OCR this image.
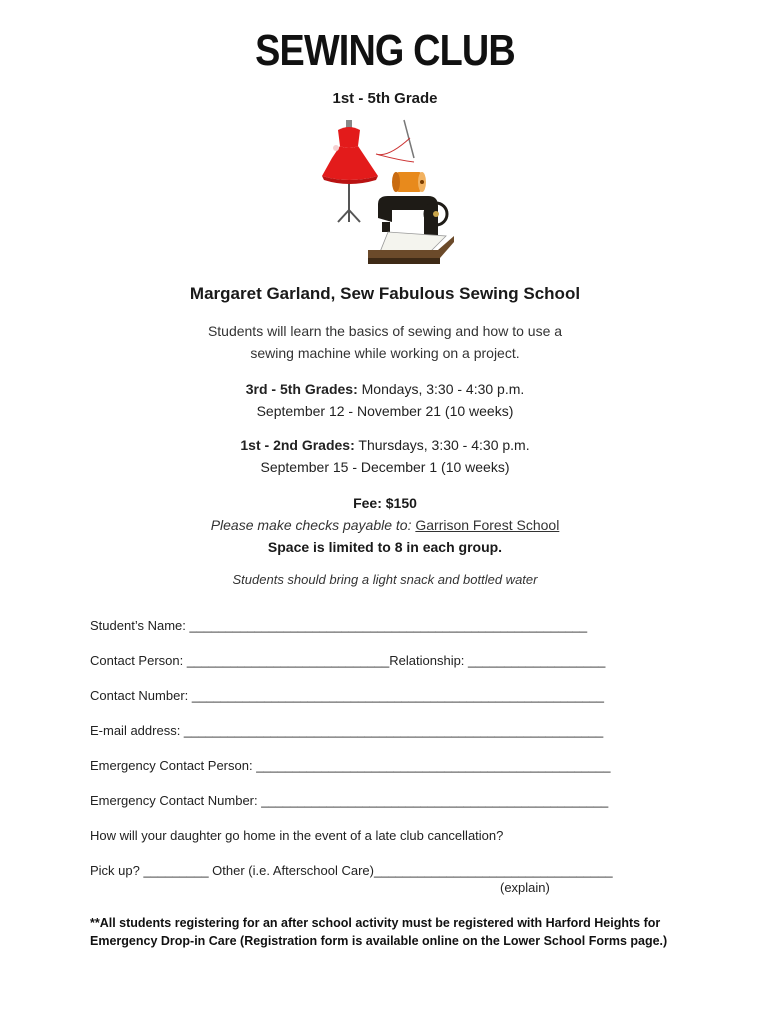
SEWING CLUB
1st - 5th Grade
Margaret Garland, Sew Fabulous Sewing School
Students will learn the basics of sewing and how to use a
sewing machine while working on a project.
3rd - 5th Grades: Mondays, 3:30 - 4:30 p.m.
September 12 - November 21 (10 weeks)
1st - 2nd Grades: Thursdays, 3:30 - 4:30 p.m.
September 15 - December 1 (10 weeks)
Fee: $150
Please make checks payable to: Garrison Forest School
Space is limited to 8 in each group.
Students should bring a light snack and bottled water
Student’s Name: _______________________________________________________
Contact Person: ____________________________Relationship: ___________________
Contact Number: _________________________________________________________
E-mail address: __________________________________________________________
Emergency Contact Person: _________________________________________________
Emergency Contact Number: ________________________________________________
How will your daughter go home in the event of a late club cancellation?
Pick up? _________ Other (i.e. Afterschool Care)_________________________________
(explain)
**All students registering for an after school activity must be registered with Harford Heights for Emergency Drop-in Care (Registration form is available online on the Lower School Forms page.)
